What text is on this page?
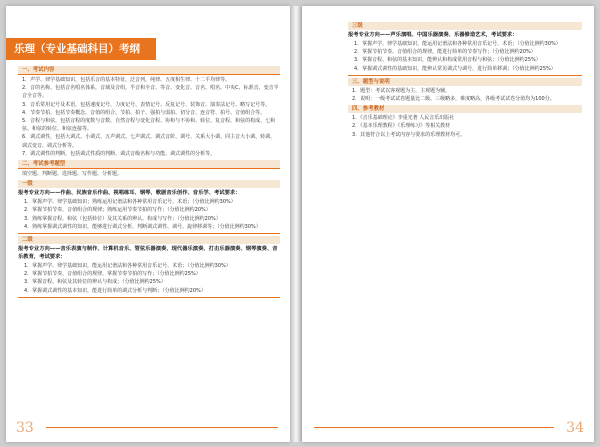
乐理（专业基础科目）考纲
一、考试内容
1．声学、律学基础知识，包括乐音的基本特征，泛音列，纯律、五度相生律、十二平均律等。
2．音的名称、包括音名唱名体系，音域及音组，半音和全音、等音、变化音、音名、唱名、中央C、标准音、变音半音全音等。
3．音乐常用记号及术语，包括速度记号、力度记号、表情记号、反复记号、装饰音、演奏法记号、略写记号等。
4．节奏节拍，包括节奏概念，音值的组合、节拍、拍子、强拍与弱拍、切分音、连音符、拍号、音值组合等。
5．音程与和弦，包括音程的度数与音数、自然音程与变化音程、协和与不协和、转位、复音程、和弦的构成、七和弦、和弦的转位、和弦连接等。
6．调式调性，包括大调式、小调式、五声调式、七声调式、调式音阶、调号、关系大小调、同主音大小调、转调、调式变音、调式分析等。
7．调式调性的判断，包括调式性质的判断、调式音级名称与功能、调式调性的分析等。
二、考试参考题型
填空题、判断题、选择题、写作题、分析题。
一级
报考专业方向——作曲、民族音乐作曲、视唱练耳、钢琴、歌剧音乐创作、音乐学、考试要求：
1．掌握声学、律学基础知识；熟练运用记谱法和各种常用音乐记号、术语；（分值比例约30%）
2．掌握节拍节奏、音值组合的规律；熟练运用节奏节拍的写作；（分值比例约20%）
3．熟练掌握音程、和弦（包括转位）及其关系的辨认、构成与写作；（分值比例约20%）
4．熟练掌握调式调性的知识，能够进行调式分析，判断调式调性、调号、旋律移调等；（分值比例约30%）
二级
报考专业方向——音乐表演与制作、计算机音乐、管弦乐器演奏、现代器乐演奏、打击乐器演奏、钢琴演奏、音乐教育，考试要求：
1．掌握声学、律学基础知识，能运用记谱法和各种常用音乐记号、术语；（分值比例约30%）
2．掌握节拍节奏、音值组合的规律，掌握节奏节拍的写作；（分值比例约25%）
3．掌握音程、和弦及其转位的辨认与构成；（分值比例约25%）
4．掌握调式调性的基本知识，能进行简单的调式分析与判断；（分值比例约20%）
33
三级
报考专业方向——声乐演唱、中国乐器演奏、乐器修造艺术，考试要求：
1．掌握声学、律学基础知识，能运用记谱法和各种常用音乐记号、术语；（分值比例约30%）
2．掌握节拍节奏、音值组合的规律，能进行简单的节奏写作；（分值比例约20%）
3．掌握音程、和弦的基本知识，能辨认和构成常用音程与和弦；（分值比例约25%）
4．掌握调式调性的基础知识，能辨认常见调式与调号，进行简单移调；（分值比例约25%）
三、题型与说明
1．题型：考试以客观题为主，主观题为辅。
2．说明：一级考试试卷题量比二级、三级略多，难度略高，各级考试试卷分值均为100分。
四、参考教材
1．《音乐基础理论》李重光著 人民音乐出版社
2．《基本乐理教程》《乐理练习》等相关教材
3．其他符合以上考试内容与要求的乐理教材均可。
34
